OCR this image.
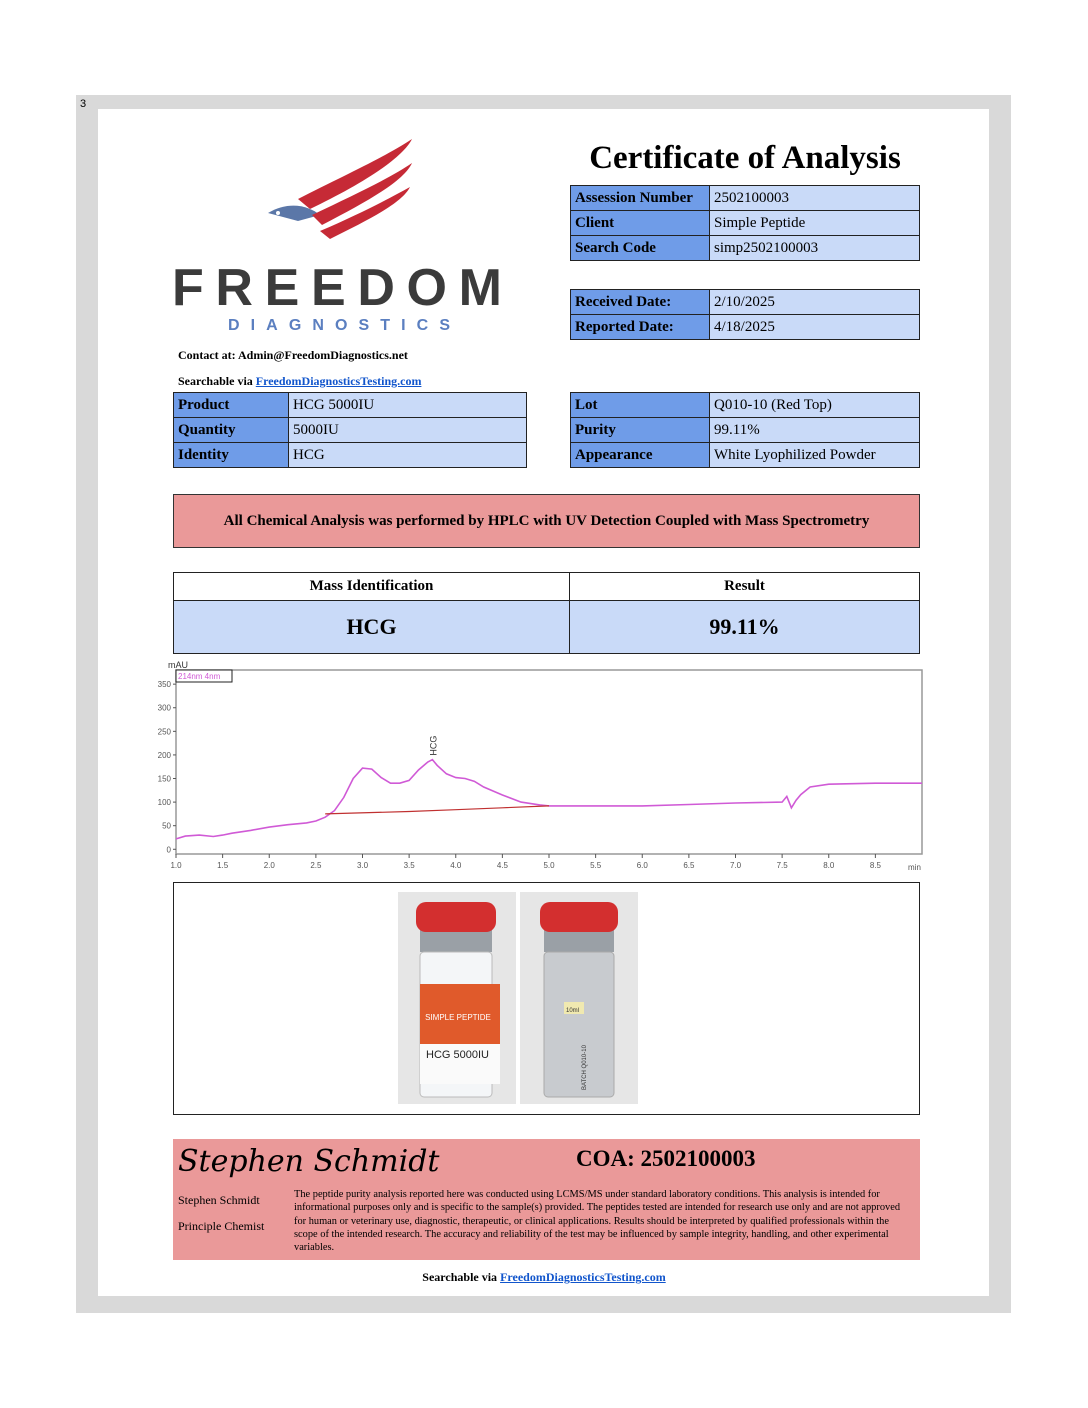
3
FREEDOM
DIAGNOSTICS
Contact at: Admin@FreedomDiagnostics.net
Searchable via FreedomDiagnosticsTesting.com
Certificate of Analysis
Assession Number	2502100003
Client	Simple Peptide
Search Code	simp2502100003
Received Date:	2/10/2025
Reported Date:	4/18/2025
Product	HCG 5000IU
Quantity	5000IU
Identity	HCG
Lot	Q010-10 (Red Top)
Purity	99.11%
Appearance	White Lyophilized Powder
All Chemical Analysis was performed by HPLC with UV Detection Coupled with Mass Spectrometry
Mass Identification	Result
HCG	99.11%
mAU
214nm 4nm
min
0
50
100
150
200
250
300
350
1.0	1.5	2.0	2.5	3.0	3.5	4.0	4.5	5.0	5.5	6.0	6.5	7.0	7.5	8.0	8.5
HCG
SIMPLE PEPTIDE
HCG 5000IU
10ml
BATCH Q010-10
Stephen Schmidt	COA: 2502100003
Stephen Schmidt
Principle Chemist
The peptide purity analysis reported here was conducted using LCMS/MS under standard laboratory conditions. This analysis is intended for informational purposes only and is specific to the sample(s) provided. The peptides tested are intended for research use only and are not approved for human or veterinary use, diagnostic, therapeutic, or clinical applications. Results should be interpreted by qualified professionals within the scope of the intended research. The accuracy and reliability of the test may be influenced by sample integrity, handling, and other experimental variables.
Searchable via FreedomDiagnosticsTesting.com
